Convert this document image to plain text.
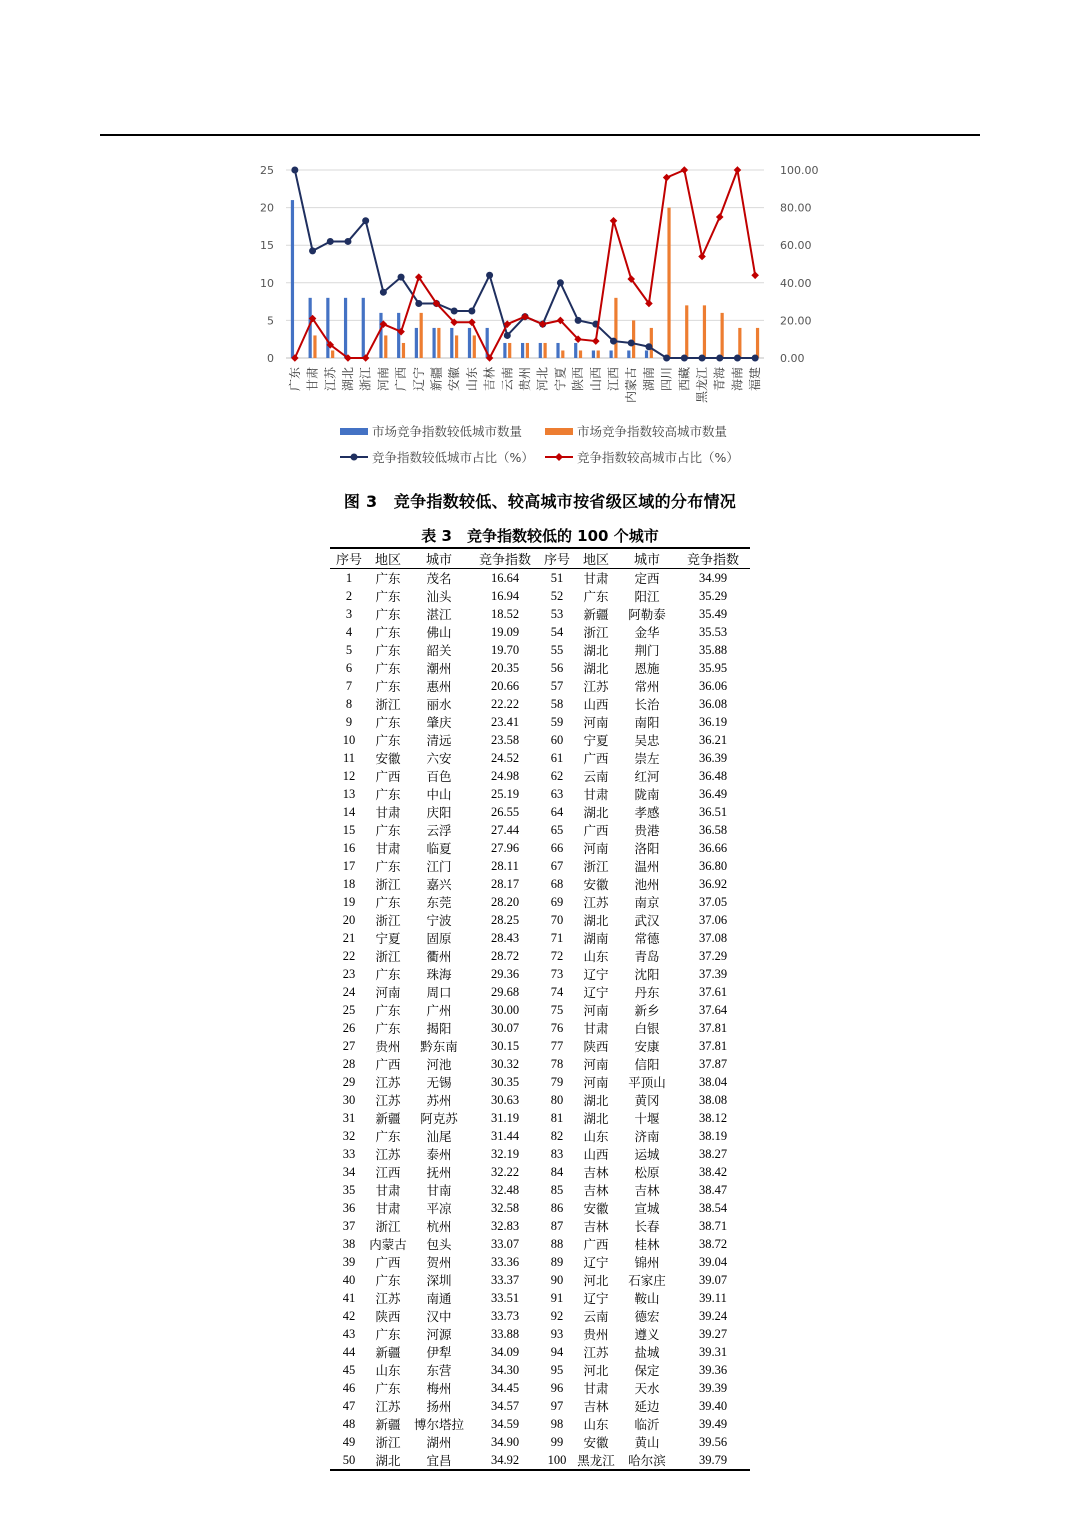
0
5
10
15
20
25
0.00
20.00
40.00
60.00
80.00
100.00
广东 甘肃 江苏 湖北 浙江 河南 广西 辽宁 新疆 安徽 山东 吉林 云南 贵州 河北 宁夏 陕西 山西 江西 内蒙古 湖南 四川 西藏 黑龙江 青海 海南 福建
市场竞争指数较低城市数量	市场竞争指数较高城市数量
竞争指数较低城市占比（%）	竞争指数较高城市占比（%）
图 3　竞争指数较低、较高城市按省级区域的分布情况
表 3　竞争指数较低的 100 个城市
序号	地区	城市	竞争指数	序号	地区	城市	竞争指数
1	广东	茂名	16.64	51	甘肃	定西	34.99
2	广东	汕头	16.94	52	广东	阳江	35.29
3	广东	湛江	18.52	53	新疆	阿勒泰	35.49
4	广东	佛山	19.09	54	浙江	金华	35.53
5	广东	韶关	19.70	55	湖北	荆门	35.88
6	广东	潮州	20.35	56	湖北	恩施	35.95
7	广东	惠州	20.66	57	江苏	常州	36.06
8	浙江	丽水	22.22	58	山西	长治	36.08
9	广东	肇庆	23.41	59	河南	南阳	36.19
10	广东	清远	23.58	60	宁夏	吴忠	36.21
11	安徽	六安	24.52	61	广西	崇左	36.39
12	广西	百色	24.98	62	云南	红河	36.48
13	广东	中山	25.19	63	甘肃	陇南	36.49
14	甘肃	庆阳	26.55	64	湖北	孝感	36.51
15	广东	云浮	27.44	65	广西	贵港	36.58
16	甘肃	临夏	27.96	66	河南	洛阳	36.66
17	广东	江门	28.11	67	浙江	温州	36.80
18	浙江	嘉兴	28.17	68	安徽	池州	36.92
19	广东	东莞	28.20	69	江苏	南京	37.05
20	浙江	宁波	28.25	70	湖北	武汉	37.06
21	宁夏	固原	28.43	71	湖南	常德	37.08
22	浙江	衢州	28.72	72	山东	青岛	37.29
23	广东	珠海	29.36	73	辽宁	沈阳	37.39
24	河南	周口	29.68	74	辽宁	丹东	37.61
25	广东	广州	30.00	75	河南	新乡	37.64
26	广东	揭阳	30.07	76	甘肃	白银	37.81
27	贵州	黔东南	30.15	77	陕西	安康	37.81
28	广西	河池	30.32	78	河南	信阳	37.87
29	江苏	无锡	30.35	79	河南	平顶山	38.04
30	江苏	苏州	30.63	80	湖北	黄冈	38.08
31	新疆	阿克苏	31.19	81	湖北	十堰	38.12
32	广东	汕尾	31.44	82	山东	济南	38.19
33	江苏	泰州	32.19	83	山西	运城	38.27
34	江西	抚州	32.22	84	吉林	松原	38.42
35	甘肃	甘南	32.48	85	吉林	吉林	38.47
36	甘肃	平凉	32.58	86	安徽	宣城	38.54
37	浙江	杭州	32.83	87	吉林	长春	38.71
38	内蒙古	包头	33.07	88	广西	桂林	38.72
39	广西	贺州	33.36	89	辽宁	锦州	39.04
40	广东	深圳	33.37	90	河北	石家庄	39.07
41	江苏	南通	33.51	91	辽宁	鞍山	39.11
42	陕西	汉中	33.73	92	云南	德宏	39.24
43	广东	河源	33.88	93	贵州	遵义	39.27
44	新疆	伊犁	34.09	94	江苏	盐城	39.31
45	山东	东营	34.30	95	河北	保定	39.36
46	广东	梅州	34.45	96	甘肃	天水	39.39
47	江苏	扬州	34.57	97	吉林	延边	39.40
48	新疆	博尔塔拉	34.59	98	山东	临沂	39.49
49	浙江	湖州	34.90	99	安徽	黄山	39.56
50	湖北	宜昌	34.92	100	黑龙江	哈尔滨	39.79
